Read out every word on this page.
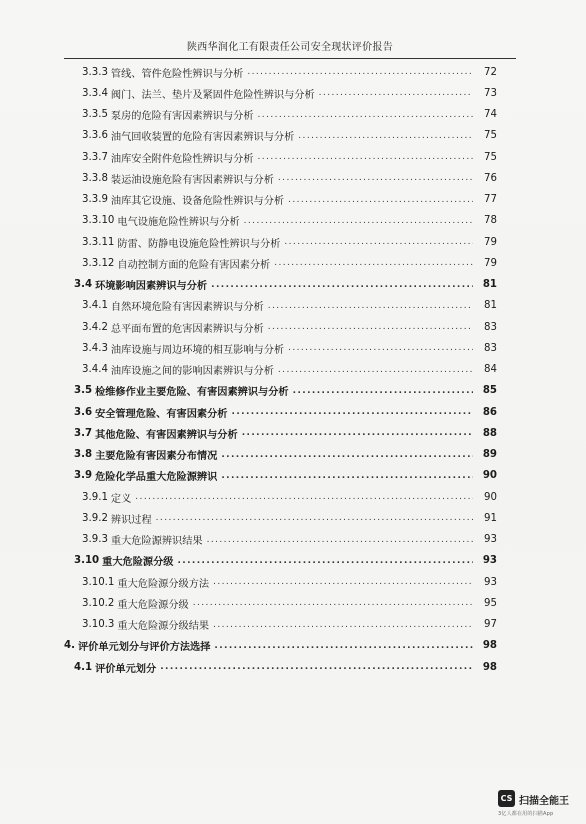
陕西华润化工有限责任公司安全现状评价报告
3.3.3 管线、管件危险性辨识与分析 .....	72
3.3.4 阀门、法兰、垫片及紧固件危险性辨识与分析 .....	73
3.3.5 泵房的危险有害因素辨识与分析 .....	74
3.3.6 油气回收装置的危险有害因素辨识与分析 .....	75
3.3.7 油库安全附件危险性辨识与分析 .....	75
3.3.8 装运油设施危险有害因素辨识与分析 .....	76
3.3.9 油库其它设施、设备危险性辨识与分析 .....	77
3.3.10 电气设施危险性辨识与分析 .....	78
3.3.11 防雷、防静电设施危险性辨识与分析 .....	79
3.3.12 自动控制方面的危险有害因素分析 .....	79
3.4 环境影响因素辨识与分析 .....	81
3.4.1 自然环境危险有害因素辨识与分析 .....	81
3.4.2 总平面布置的危害因素辨识与分析 .....	83
3.4.3 油库设施与周边环境的相互影响与分析 .....	83
3.4.4 油库设施之间的影响因素辨识与分析 .....	84
3.5 检维修作业主要危险、有害因素辨识与分析 .....	85
3.6 安全管理危险、有害因素分析 .....	86
3.7 其他危险、有害因素辨识与分析 .....	88
3.8 主要危险有害因素分布情况 .....	89
3.9 危险化学品重大危险源辨识 .....	90
3.9.1 定义 .....	90
3.9.2 辨识过程 .....	91
3.9.3 重大危险源辨识结果 .....	93
3.10 重大危险源分级 .....	93
3.10.1 重大危险源分级方法 .....	93
3.10.2 重大危险源分级 .....	95
3.10.3 重大危险源分级结果 .....	97
4. 评价单元划分与评价方法选择 .....	98
4.1 评价单元划分 .....	98
CS 扫描全能王
3亿人都在用的扫描App
